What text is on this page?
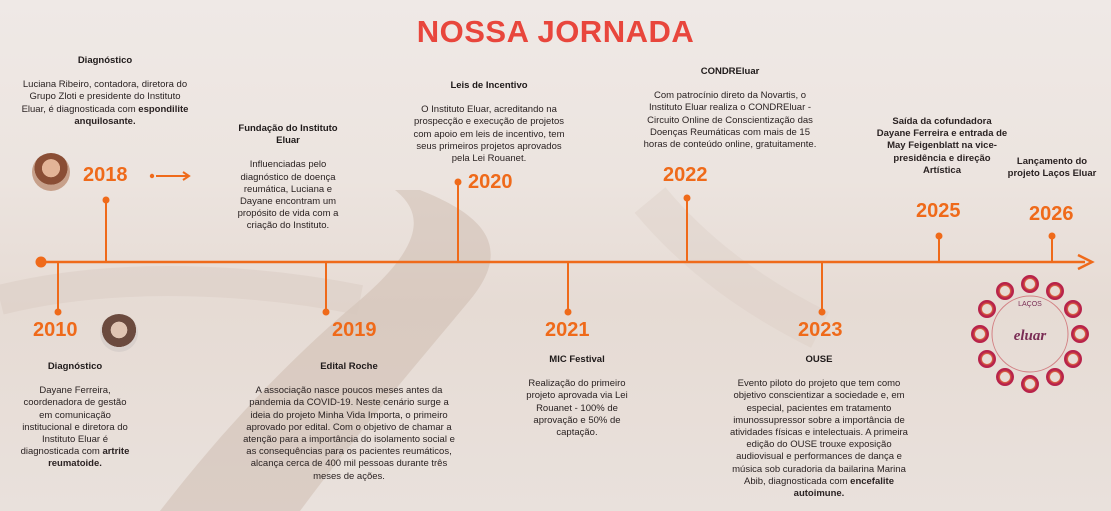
NOSSA JORNADA
2018
Diagnóstico
Luciana Ribeiro, contadora, diretora do Grupo Zloti e presidente do Instituto Eluar, é diagnosticada com espondilite anquilosante.
Fundação do Instituto Eluar
Influenciadas pelo diagnóstico de doença reumática, Luciana e Dayane encontram um propósito de vida com a criação do Instituto.
2010
Diagnóstico
Dayane Ferreira, coordenadora de gestão em comunicação institucional e diretora do Instituto Eluar é diagnosticada com artrite reumatoide.
2019
Edital Roche
A associação nasce poucos meses antes da pandemia da COVID-19. Neste cenário surge a ideia do projeto Minha Vida Importa, o primeiro aprovado por edital. Com o objetivo de chamar a atenção para a importância do isolamento social e as consequências para os pacientes reumáticos, alcança cerca de 400 mil pessoas durante três meses de ações.
2020
Leis de Incentivo
O Instituto Eluar, acreditando na prospecção e execução de projetos com apoio em leis de incentivo, tem seus primeiros projetos aprovados pela Lei Rouanet.
2021
MIC Festival
Realização do primeiro projeto aprovada via Lei Rouanet - 100% de aprovação e 50% de captação.
2022
CONDREluar
Com patrocínio direto da Novartis, o Instituto Eluar realiza o CONDREluar - Circuito Online de Conscientização das Doenças Reumáticas com mais de 15 horas de conteúdo online, gratuitamente.
2023
OUSE
Evento piloto do projeto que tem como objetivo conscientizar a sociedade e, em especial, pacientes em tratamento imunossupressor sobre a importância de atividades físicas e intelectuais. A primeira edição do OUSE trouxe exposição audiovisual e performances de dança e música sob curadoria da bailarina Marina Abib, diagnosticada com encefalite autoimune.
2025
Saída da cofundadora Dayane Ferreira e entrada de May Feigenblatt na vice-presidência e direção Artística
2026
Lançamento do projeto Laços Eluar
LAÇOS
eluar
